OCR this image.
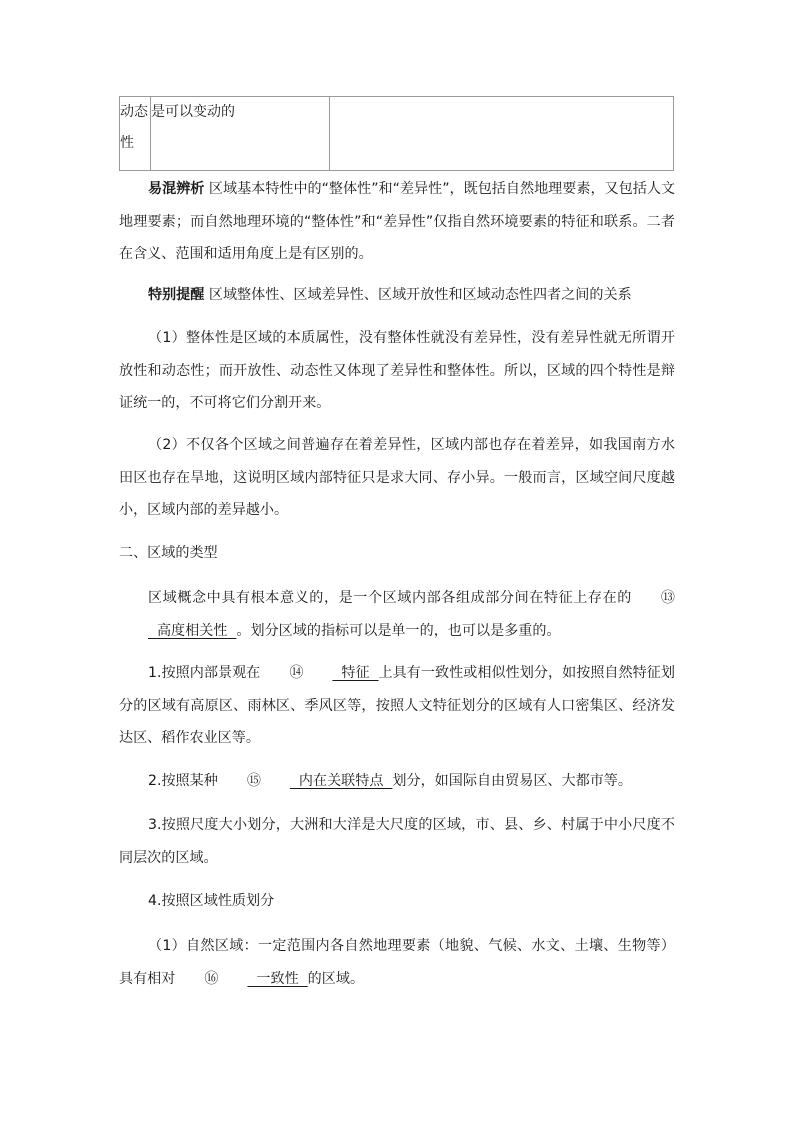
动态性	是可以变动的	
易混辨析 区域基本特性中的“整体性”和“差异性”，既包括自然地理要素，又包括人文地理要素；而自然地理环境的“整体性”和“差异性”仅指自然环境要素的特征和联系。二者在含义、范围和适用角度上是有区别的。
特别提醒 区域整体性、区域差异性、区域开放性和区域动态性四者之间的关系
（1）整体性是区域的本质属性，没有整体性就没有差异性，没有差异性就无所谓开放性和动态性；而开放性、动态性又体现了差异性和整体性。所以，区域的四个特性是辩证统一的，不可将它们分割开来。
（2）不仅各个区域之间普遍存在着差异性，区域内部也存在着差异，如我国南方水田区也存在旱地，这说明区域内部特征只是求大同、存小异。一般而言，区域空间尺度越小，区域内部的差异越小。
二、区域的类型
区域概念中具有根本意义的，是一个区域内部各组成部分间在特征上存在的 ⑬  高度相关性  。划分区域的指标可以是单一的，也可以是多重的。
1.按照内部景观在 ⑭  特征  上具有一致性或相似性划分，如按照自然特征划分的区域有高原区、雨林区、季风区等，按照人文特征划分的区域有人口密集区、经济发达区、稻作农业区等。
2.按照某种 ⑮  内在关联特点  划分，如国际自由贸易区、大都市等。
3.按照尺度大小划分，大洲和大洋是大尺度的区域，市、县、乡、村属于中小尺度不同层次的区域。
4.按照区域性质划分
（1）自然区域：一定范围内各自然地理要素（地貌、气候、水文、土壤、生物等）具有相对 ⑯  一致性  的区域。
